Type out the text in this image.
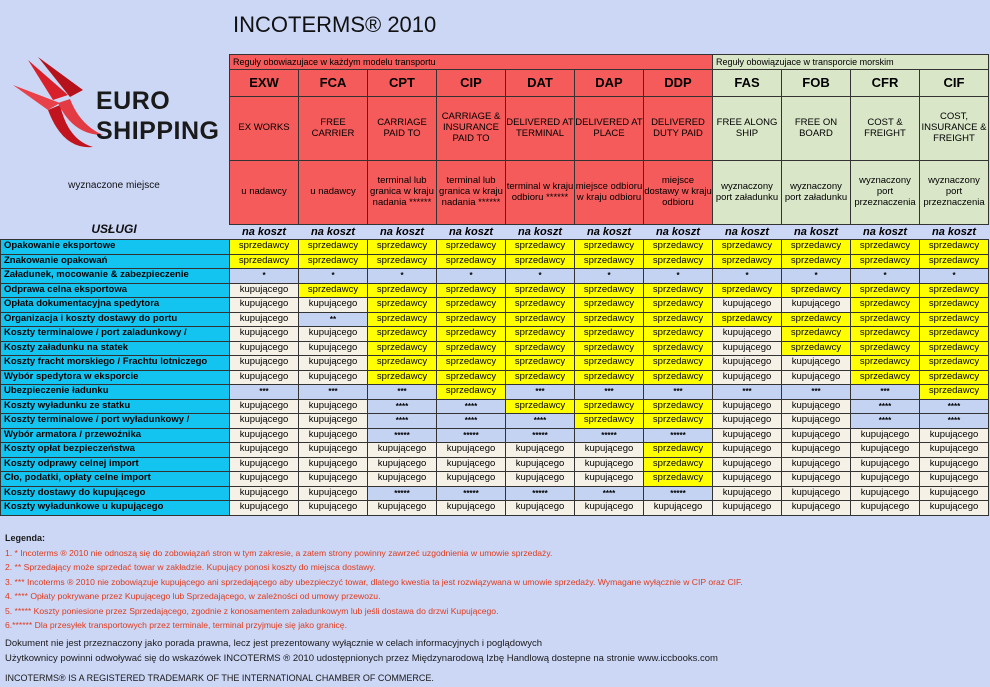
INCOTERMS® 2010
EURO
SHIPPING
wyznaczone miejsce
USŁUGI
	Reguły obowiazujace w każdym modelu transportu							Reguły obowiązujace w transporcie morskim			
	EXW	FCA	CPT	CIP	DAT	DAP	DDP	FAS	FOB	CFR	CIF
	EX WORKS	FREE CARRIER	CARRIAGE PAID TO	CARRIAGE & INSURANCE PAID TO	DELIVERED AT TERMINAL	DELIVERED AT PLACE	DELIVERED DUTY PAID	FREE ALONG SHIP	FREE ON BOARD	COST & FREIGHT	COST, INSURANCE & FREIGHT
	u nadawcy	u nadawcy	terminal lub granica w kraju nadania ******	terminal lub granica w kraju nadania ******	terminal w kraju odbioru ******	miejsce odbioru w kraju odbioru	miejsce dostawy w kraju odbioru	wyznaczony port załadunku	wyznaczony port załadunku	wyznaczony port przeznaczenia	wyznaczony port przeznaczenia
	na koszt	na koszt	na koszt	na koszt	na koszt	na koszt	na koszt	na koszt	na koszt	na koszt	na koszt
Opakowanie eksportowe	sprzedawcy	sprzedawcy	sprzedawcy	sprzedawcy	sprzedawcy	sprzedawcy	sprzedawcy	sprzedawcy	sprzedawcy	sprzedawcy	sprzedawcy
Znakowanie opakowań	sprzedawcy	sprzedawcy	sprzedawcy	sprzedawcy	sprzedawcy	sprzedawcy	sprzedawcy	sprzedawcy	sprzedawcy	sprzedawcy	sprzedawcy
Załadunek, mocowanie & zabezpieczenie	*	*	*	*	*	*	*	*	*	*	*
Odprawa celna eksportowa	kupującego	sprzedawcy	sprzedawcy	sprzedawcy	sprzedawcy	sprzedawcy	sprzedawcy	sprzedawcy	sprzedawcy	sprzedawcy	sprzedawcy
Opłata dokumentacyjna spedytora	kupującego	kupującego	sprzedawcy	sprzedawcy	sprzedawcy	sprzedawcy	sprzedawcy	kupującego	kupującego	sprzedawcy	sprzedawcy
Organizacja i koszty dostawy do portu	kupującego	**	sprzedawcy	sprzedawcy	sprzedawcy	sprzedawcy	sprzedawcy	sprzedawcy	sprzedawcy	sprzedawcy	sprzedawcy
Koszty terminalowe / port zaladunkowy /	kupującego	kupującego	sprzedawcy	sprzedawcy	sprzedawcy	sprzedawcy	sprzedawcy	kupującego	sprzedawcy	sprzedawcy	sprzedawcy
Koszty załadunku na statek	kupującego	kupującego	sprzedawcy	sprzedawcy	sprzedawcy	sprzedawcy	sprzedawcy	kupującego	sprzedawcy	sprzedawcy	sprzedawcy
Koszty fracht morskiego / Frachtu lotniczego	kupującego	kupującego	sprzedawcy	sprzedawcy	sprzedawcy	sprzedawcy	sprzedawcy	kupującego	kupującego	sprzedawcy	sprzedawcy
Wybór spedytora w eksporcie	kupującego	kupującego	sprzedawcy	sprzedawcy	sprzedawcy	sprzedawcy	sprzedawcy	kupującego	kupującego	sprzedawcy	sprzedawcy
Ubezpieczenie ładunku	***	***	***	sprzedawcy	***	***	***	***	***	***	sprzedawcy
Koszty wyładunku ze statku	kupującego	kupującego	****	****	sprzedawcy	sprzedawcy	sprzedawcy	kupującego	kupującego	****	****
Koszty terminalowe / port wyładunkowy /	kupującego	kupującego	****	****	****	sprzedawcy	sprzedawcy	kupującego	kupującego	****	****
Wybór armatora / przewoźnika	kupującego	kupującego	*****	*****	*****	*****	*****	kupującego	kupującego	kupującego	kupującego
Koszty opłat bezpieczeństwa	kupującego	kupującego	kupującego	kupującego	kupującego	kupującego	sprzedawcy	kupującego	kupującego	kupującego	kupującego
Koszty odprawy celnej import	kupującego	kupującego	kupującego	kupującego	kupującego	kupującego	sprzedawcy	kupującego	kupującego	kupującego	kupującego
Cło, podatki, opłaty celne import	kupującego	kupującego	kupującego	kupującego	kupującego	kupującego	sprzedawcy	kupującego	kupującego	kupującego	kupującego
Koszty dostawy do kupującego	kupującego	kupującego	*****	*****	*****	****	*****	kupującego	kupującego	kupującego	kupującego
Koszty wyładunkowe u kupującego	kupującego	kupującego	kupującego	kupującego	kupującego	kupującego	kupującego	kupującego	kupującego	kupującego	kupującego
Legenda:
1. * Incoterms ® 2010 nie odnoszą się do zobowiązań stron w tym zakresie, a zatem strony powinny zawrzeć uzgodnienia w umowie sprzedaży.
2. ** Sprzedający może sprzedać towar w zakładzie. Kupujący ponosi koszty do miejsca dostawy.
3. *** Incoterms ® 2010 nie zobowiązuje kupującego ani sprzedającego aby ubezpieczyć towar, dlatego kwestia ta jest rozwiązywana w umowie sprzedaży. Wymagane wyłącznie w CIP oraz CIF.
4. **** Opłaty pokrywane przez Kupującego lub Sprzedającego, w zależności od umowy przewozu.
5. ***** Koszty poniesione przez Sprzedającego, zgodnie z konosamentem załadunkowym lub jeśli dostawa do drzwi Kupującego.
6.****** Dla przesyłek transportowych przez terminale, terminal przyjmuje się jako granicę.
Dokument nie jest przeznaczony jako porada prawna, lecz jest prezentowany wyłącznie w celach informacyjnych i poglądowych
Użytkownicy powinni odwoływać się do wskazówek INCOTERMS ® 2010 udostępnionych przez Międzynarodową Izbę Handlową dostepne na stronie www.iccbooks.com
INCOTERMS® IS A REGISTERED TRADEMARK OF THE INTERNATIONAL CHAMBER OF COMMERCE.
